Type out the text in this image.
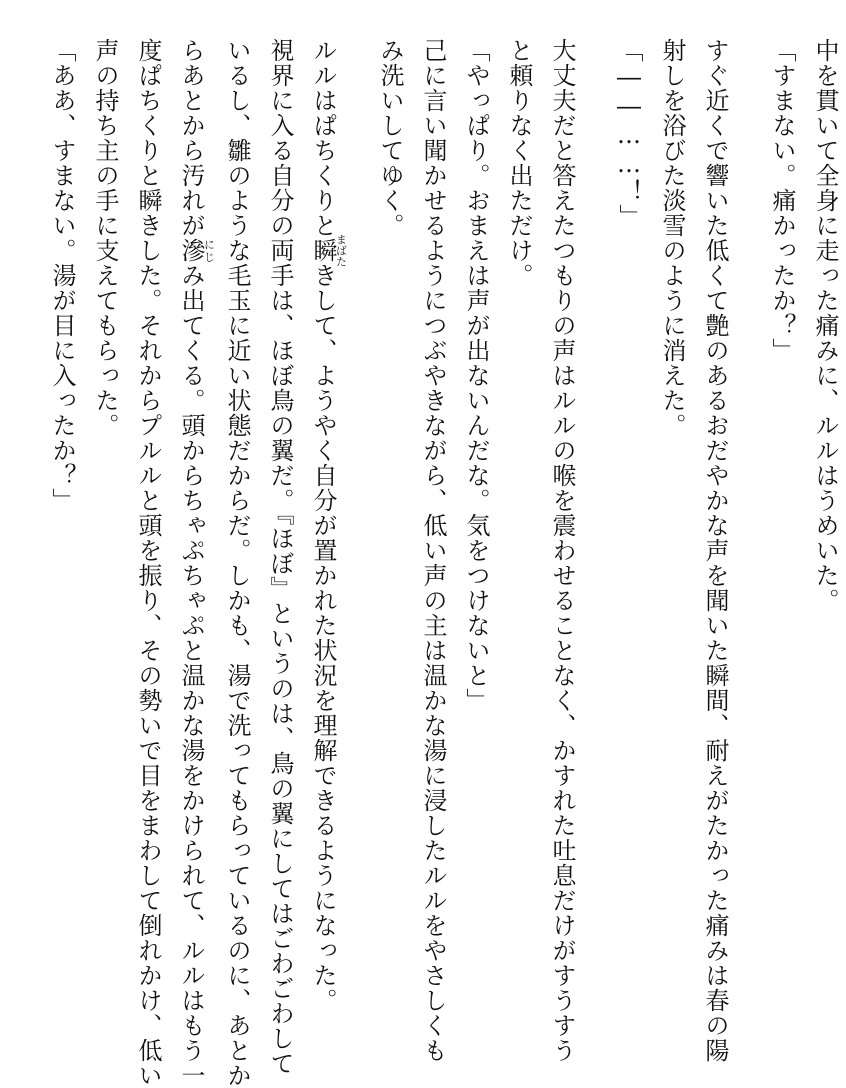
中を貫いて全身に走った痛みに、ルルはうめいた。
「すまない。痛かったか？」
すぐ近くで響いた低くて艶のあるおだやかな声を聞いた瞬間、耐えがたかった痛みは春の陽
射しを浴びた淡雪のように消えた。
「――……！」
大丈夫だと答えたつもりの声はルルの喉を震わせることなく、かすれた吐息だけがすうすう
と頼りなく出ただけ。
「やっぱり。おまえは声が出ないんだな。気をつけないと」
己に言い聞かせるようにつぶやきながら、低い声の主は温かな湯に浸したルルをやさしくも
み洗いしてゆく。
ルルはぱちくりと瞬まばたきして、ようやく自分が置かれた状況を理解できるようになった。
視界に入る自分の両手は、ほぼ鳥の翼だ。『ほぼ』というのは、鳥の翼にしてはごわごわして
いるし、雛のような毛玉に近い状態だからだ。しかも、湯で洗ってもらっているのに、あとか
らあとから汚れが滲にじみ出てくる。頭からちゃぷちゃぷと温かな湯をかけられて、ルルはもう一
度ぱちくりと瞬きした。それからプルルと頭を振り、その勢いで目をまわして倒れかけ、低い
声の持ち主の手に支えてもらった。
「ああ、すまない。湯が目に入ったか？」
